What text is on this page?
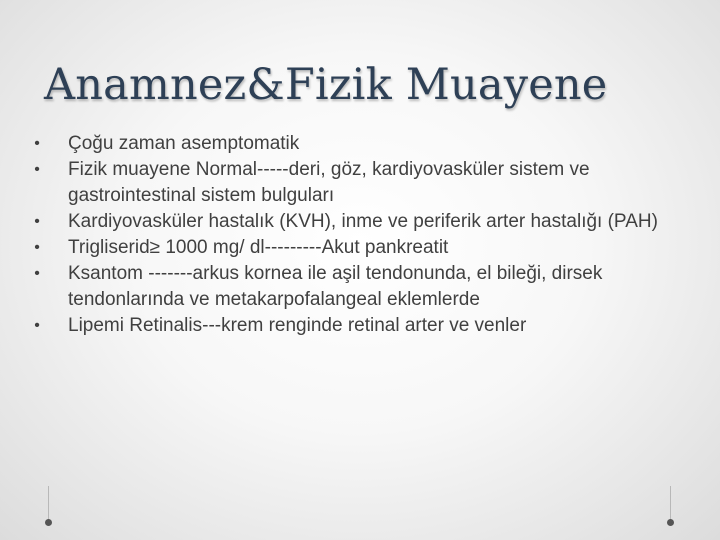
Anamnez&Fizik Muayene
• Çoğu zaman asemptomatik
• Fizik muayene Normal-----deri, göz, kardiyovasküler sistem ve gastrointestinal sistem bulguları
• Kardiyovasküler hastalık (KVH), inme ve periferik arter hastalığı (PAH)
• Trigliserid≥ 1000 mg/ dl---------Akut pankreatit
• Ksantom -------arkus kornea ile aşil tendonunda, el bileği, dirsek tendonlarında ve metakarpofalangeal eklemlerde
• Lipemi Retinalis---krem renginde retinal arter ve venler
